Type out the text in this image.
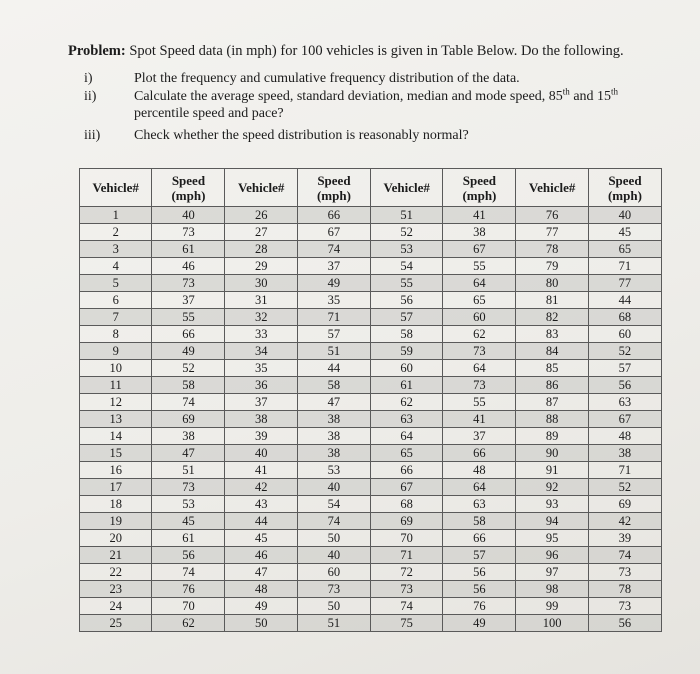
Problem: Spot Speed data (in mph) for 100 vehicles is given in Table Below. Do the following.
i)	Plot the frequency and cumulative frequency distribution of the data.
ii)	Calculate the average speed, standard deviation, median and mode speed, 85th and 15th percentile speed and pace?
iii)	Check whether the speed distribution is reasonably normal?
Vehicle#	Speed
(mph)	Vehicle#	Speed
(mph)	Vehicle#	Speed
(mph)	Vehicle#	Speed
(mph)
1	40	26	66	51	41	76	40
2	73	27	67	52	38	77	45
3	61	28	74	53	67	78	65
4	46	29	37	54	55	79	71
5	73	30	49	55	64	80	77
6	37	31	35	56	65	81	44
7	55	32	71	57	60	82	68
8	66	33	57	58	62	83	60
9	49	34	51	59	73	84	52
10	52	35	44	60	64	85	57
11	58	36	58	61	73	86	56
12	74	37	47	62	55	87	63
13	69	38	38	63	41	88	67
14	38	39	38	64	37	89	48
15	47	40	38	65	66	90	38
16	51	41	53	66	48	91	71
17	73	42	40	67	64	92	52
18	53	43	54	68	63	93	69
19	45	44	74	69	58	94	42
20	61	45	50	70	66	95	39
21	56	46	40	71	57	96	74
22	74	47	60	72	56	97	73
23	76	48	73	73	56	98	78
24	70	49	50	74	76	99	73
25	62	50	51	75	49	100	56
